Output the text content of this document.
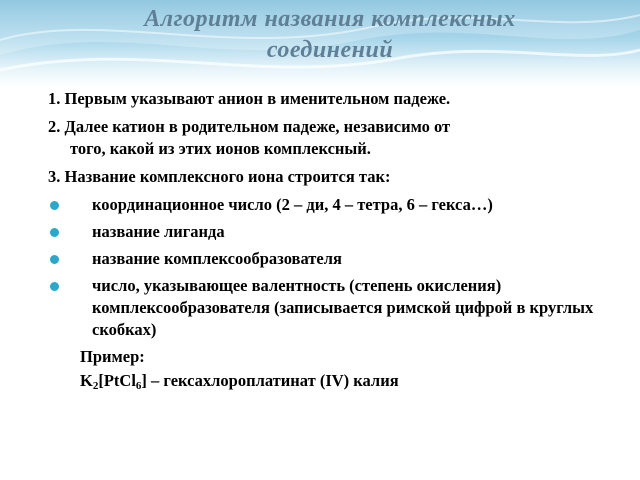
Алгоритм названия комплексных
соединений
1. Первым указывают анион в именительном падеже.
2. Далее катион в родительном падеже, независимо от
того, какой из этих ионов комплексный.
3. Название комплексного иона строится так:
координационное число (2 – ди, 4 – тетра, 6 – гекса…)
название лиганда
название комплексообразователя
число, указывающее валентность (степень окисления) комплексообразователя (записывается римской цифрой в круглых скобках)
Пример:
$K_2[PtCl_6]$ – гексахлороплатинат (IV) калия
